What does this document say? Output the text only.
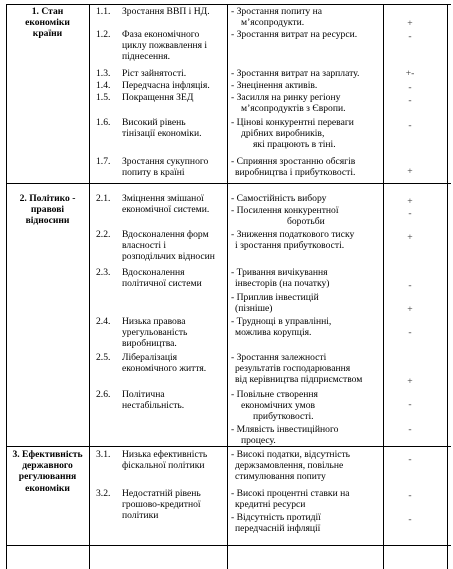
1. Стан
економіки
країни
1.1. Зростання ВВП і НД.
1.2. Фаза економічного
циклу пожвавлення і
піднесення.
1.3. Ріст зайнятості.
1.4. Передчасна інфляція.
1.5. Покращення ЗЕД
1.6. Високий рівень
тінізації економіки.
1.7. Зростання сукупного
попиту в країні
- Зростання попиту на
м’ясопродукти.
- Зростання витрат на ресурси.
- Зростання витрат на зарплату.
- Знецінення активів.
- Засилля на ринку регіону
м’ясопродуктів з Європи.
- Цінові конкурентні переваги
дрібних виробників,
які працюють в тіні.
- Сприяння зростанню обсягів
виробництва і прибутковості.
+
-
+-
-
-
-
+
2. Політико -
правові
відносини
2.1. Зміцнення змішаної
економічної системи.
2.2. Вдосконалення форм
власності і
розподільчих відносин
2.3. Вдосконалення
політичної системи
2.4. Низька правова
урегульованість
виробництва.
2.5. Лібералізація
економічного життя.
2.6. Політична
нестабільність.
- Самостійність вибору
- Посилення конкурентної
боротьби
- Зниження податкового тиску
і зростання прибутковості.
- Тривання вичікування
інвесторів (на початку)
- Приплив інвестицій
(пізніше)
- Труднощі в управлінні,
можлива корупція.
- Зростання залежності
результатів господарювання
від керівництва підприємством
- Повільне створення
економічних умов
прибутковості.
- Млявість інвестиційного
процесу.
+
-
+
-
+
-
+
-
-
3. Ефективність
державного
регулювання
економіки
3.1. Низька ефективність
фіскальної політики
3.2. Недостатній рівень
грошово-кредитної
політики
- Високі податки, відсутність
держзамовлення, повільне
стимулювання попиту
- Високі процентні ставки на
кредитні ресурси
- Відсутність протидії
передчасній інфляції
-
-
-
